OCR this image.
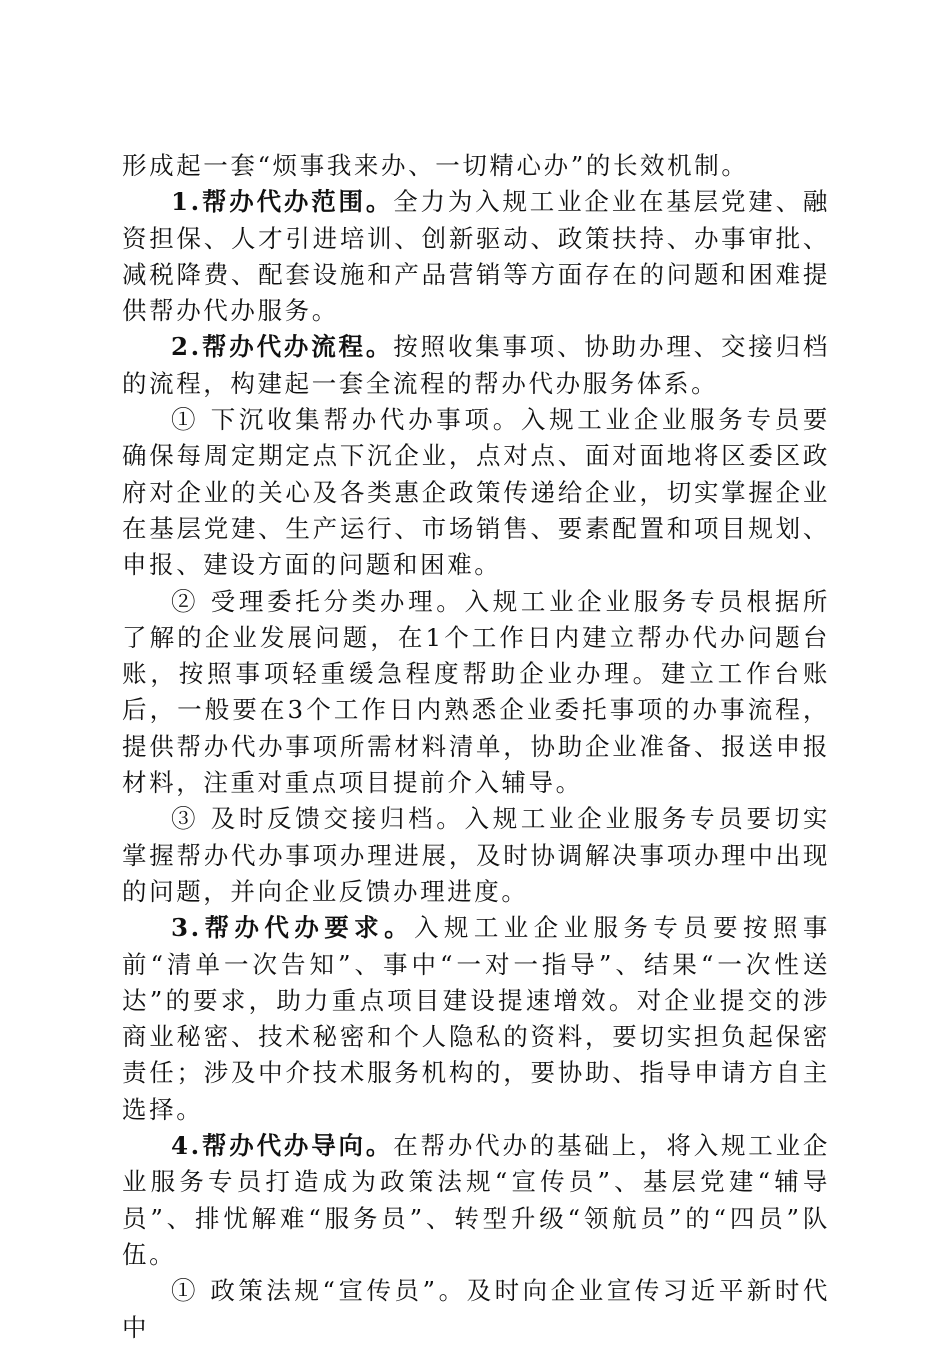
形成起一套“烦事我来办、一切精心办”的长效机制。

1.帮办代办范围。全力为入规工业企业在基层党建、融资担保、人才引进培训、创新驱动、政策扶持、办事审批、减税降费、配套设施和产品营销等方面存在的问题和困难提供帮办代办服务。

2.帮办代办流程。按照收集事项、协助办理、交接归档的流程，构建起一套全流程的帮办代办服务体系。

① 下沉收集帮办代办事项。入规工业企业服务专员要确保每周定期定点下沉企业，点对点、面对面地将区委区政府对企业的关心及各类惠企政策传递给企业，切实掌握企业在基层党建、生产运行、市场销售、要素配置和项目规划、申报、建设方面的问题和困难。

② 受理委托分类办理。入规工业企业服务专员根据所了解的企业发展问题，在1个工作日内建立帮办代办问题台账，按照事项轻重缓急程度帮助企业办理。建立工作台账后，一般要在3个工作日内熟悉企业委托事项的办事流程，提供帮办代办事项所需材料清单，协助企业准备、报送申报材料，注重对重点项目提前介入辅导。

③ 及时反馈交接归档。入规工业企业服务专员要切实掌握帮办代办事项办理进展，及时协调解决事项办理中出现的问题，并向企业反馈办理进度。

3.帮办代办要求。入规工业企业服务专员要按照事前“清单一次告知”、事中“一对一指导”、结果“一次性送达”的要求，助力重点项目建设提速增效。对企业提交的涉商业秘密、技术秘密和个人隐私的资料，要切实担负起保密责任；涉及中介技术服务机构的，要协助、指导申请方自主选择。

4.帮办代办导向。在帮办代办的基础上，将入规工业企业服务专员打造成为政策法规“宣传员”、基层党建“辅导员”、排忧解难“服务员”、转型升级“领航员”的“四员”队伍。

① 政策法规“宣传员”。及时向企业宣传习近平新时代中
